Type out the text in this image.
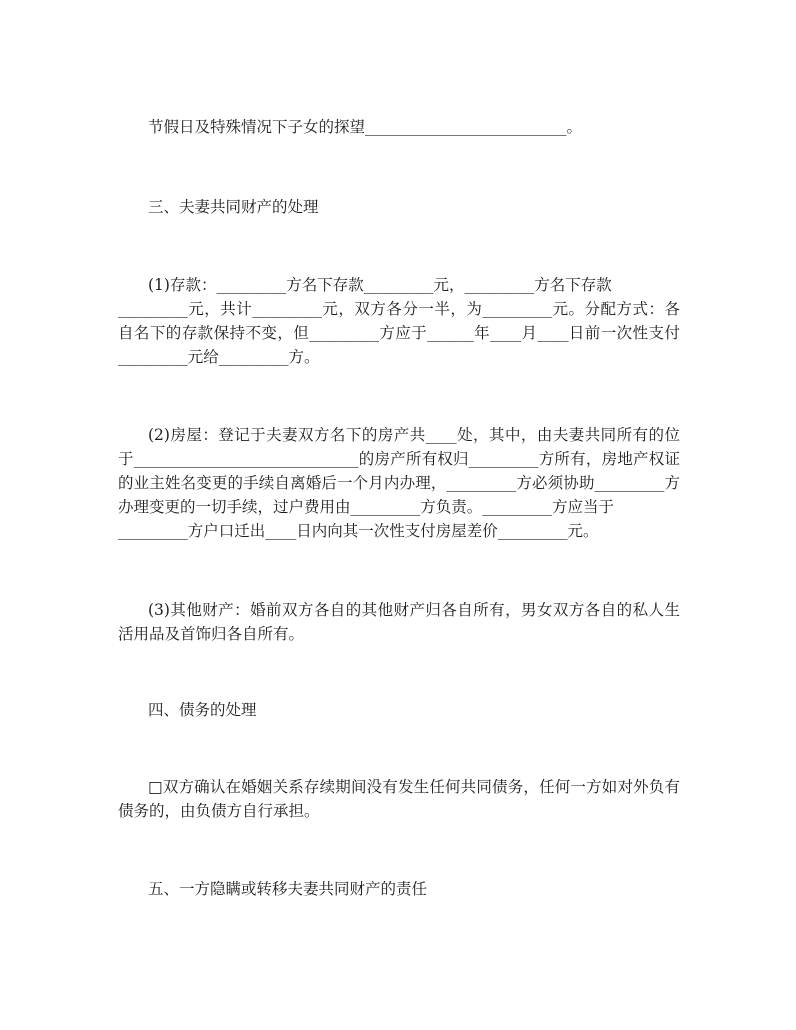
节假日及特殊情况下子女的探望__________________________。
三、夫妻共同财产的处理
(1)存款：_________方名下存款_________元，_________方名下存款
_________元，共计_________元，双方各分一半，为_________元。分配方式：各
自名下的存款保持不变，但_________方应于______年____月____日前一次性支付
_________元给_________方。
(2)房屋：登记于夫妻双方名下的房产共____处，其中，由夫妻共同所有的位
于_____________________________的房产所有权归_________方所有，房地产权证
的业主姓名变更的手续自离婚后一个月内办理，_________方必须协助_________方
办理变更的一切手续，过户费用由_________方负责。_________方应当于
_________方户口迁出____日内向其一次性支付房屋差价_________元。
(3)其他财产：婚前双方各自的其他财产归各自所有，男女双方各自的私人生
活用品及首饰归各自所有。
四、债务的处理
□双方确认在婚姻关系存续期间没有发生任何共同债务，任何一方如对外负有
债务的，由负债方自行承担。
五、一方隐瞒或转移夫妻共同财产的责任
